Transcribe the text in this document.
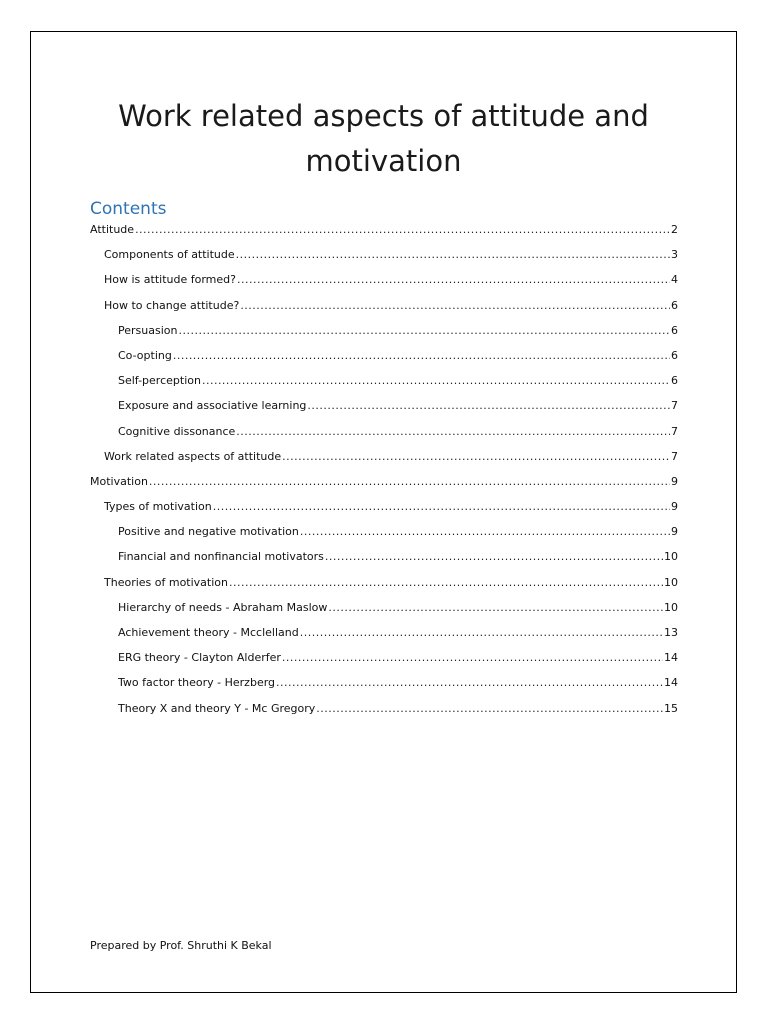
Work related aspects of attitude and
motivation
Contents
Attitude .....	2
Components of attitude .....	3
How is attitude formed? .....	4
How to change attitude? .....	6
Persuasion .....	6
Co-opting .....	6
Self-perception .....	6
Exposure and associative learning .....	7
Cognitive dissonance .....	7
Work related aspects of attitude .....	7
Motivation .....	9
Types of motivation .....	9
Positive and negative motivation .....	9
Financial and nonfinancial motivators .....	10
Theories of motivation .....	10
Hierarchy of needs - Abraham Maslow .....	10
Achievement theory - Mcclelland .....	13
ERG theory - Clayton Alderfer .....	14
Two factor theory - Herzberg .....	14
Theory X and theory Y - Mc Gregory .....	15
Prepared by Prof. Shruthi K Bekal
